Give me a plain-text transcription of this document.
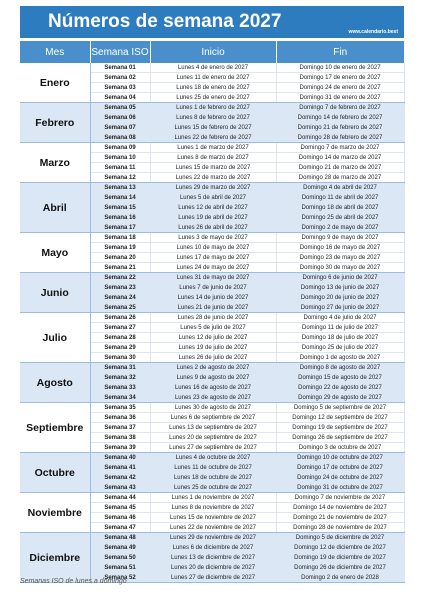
Números de semana 2027	www.calendario.best
Mes	Semana ISO	Inicio	Fin
Enero	Semana 01	Lunes 4 de enero de 2027	Domingo 10 de enero de 2027
	Semana 02	Lunes 11 de enero de 2027	Domingo 17 de enero de 2027
	Semana 03	Lunes 18 de enero de 2027	Domingo 24 de enero de 2027
	Semana 04	Lunes 25 de enero de 2027	Domingo 31 de enero de 2027
Febrero	Semana 05	Lunes 1 de febrero de 2027	Domingo 7 de febrero de 2027
	Semana 06	Lunes 8 de febrero de 2027	Domingo 14 de febrero de 2027
	Semana 07	Lunes 15 de febrero de 2027	Domingo 21 de febrero de 2027
	Semana 08	Lunes 22 de febrero de 2027	Domingo 28 de febrero de 2027
Marzo	Semana 09	Lunes 1 de marzo de 2027	Domingo 7 de marzo de 2027
	Semana 10	Lunes 8 de marzo de 2027	Domingo 14 de marzo de 2027
	Semana 11	Lunes 15 de marzo de 2027	Domingo 21 de marzo de 2027
	Semana 12	Lunes 22 de marzo de 2027	Domingo 28 de marzo de 2027
Abril	Semana 13	Lunes 29 de marzo de 2027	Domingo 4 de abril de 2027
	Semana 14	Lunes 5 de abril de 2027	Domingo 11 de abril de 2027
	Semana 15	Lunes 12 de abril de 2027	Domingo 18 de abril de 2027
	Semana 16	Lunes 19 de abril de 2027	Domingo 25 de abril de 2027
	Semana 17	Lunes 26 de abril de 2027	Domingo 2 de mayo de 2027
Mayo	Semana 18	Lunes 3 de mayo de 2027	Domingo 9 de mayo de 2027
	Semana 19	Lunes 10 de mayo de 2027	Domingo 16 de mayo de 2027
	Semana 20	Lunes 17 de mayo de 2027	Domingo 23 de mayo de 2027
	Semana 21	Lunes 24 de mayo de 2027	Domingo 30 de mayo de 2027
Junio	Semana 22	Lunes 31 de mayo de 2027	Domingo 6 de junio de 2027
	Semana 23	Lunes 7 de junio de 2027	Domingo 13 de junio de 2027
	Semana 24	Lunes 14 de junio de 2027	Domingo 20 de junio de 2027
	Semana 25	Lunes 21 de junio de 2027	Domingo 27 de junio de 2027
Julio	Semana 26	Lunes 28 de junio de 2027	Domingo 4 de julio de 2027
	Semana 27	Lunes 5 de julio de 2027	Domingo 11 de julio de 2027
	Semana 28	Lunes 12 de julio de 2027	Domingo 18 de julio de 2027
	Semana 29	Lunes 19 de julio de 2027	Domingo 25 de julio de 2027
	Semana 30	Lunes 26 de julio de 2027	Domingo 1 de agosto de 2027
Agosto	Semana 31	Lunes 2 de agosto de 2027	Domingo 8 de agosto de 2027
	Semana 32	Lunes 9 de agosto de 2027	Domingo 15 de agosto de 2027
	Semana 33	Lunes 16 de agosto de 2027	Domingo 22 de agosto de 2027
	Semana 34	Lunes 23 de agosto de 2027	Domingo 29 de agosto de 2027
Septiembre	Semana 35	Lunes 30 de agosto de 2027	Domingo 5 de septiembre de 2027
	Semana 36	Lunes 6 de septiembre de 2027	Domingo 12 de septiembre de 2027
	Semana 37	Lunes 13 de septiembre de 2027	Domingo 19 de septiembre de 2027
	Semana 38	Lunes 20 de septiembre de 2027	Domingo 26 de septiembre de 2027
	Semana 39	Lunes 27 de septiembre de 2027	Domingo 3 de octubre de 2027
Octubre	Semana 40	Lunes 4 de octubre de 2027	Domingo 10 de octubre de 2027
	Semana 41	Lunes 11 de octubre de 2027	Domingo 17 de octubre de 2027
	Semana 42	Lunes 18 de octubre de 2027	Domingo 24 de octubre de 2027
	Semana 43	Lunes 25 de octubre de 2027	Domingo 31 de octubre de 2027
Noviembre	Semana 44	Lunes 1 de noviembre de 2027	Domingo 7 de noviembre de 2027
	Semana 45	Lunes 8 de noviembre de 2027	Domingo 14 de noviembre de 2027
	Semana 46	Lunes 15 de noviembre de 2027	Domingo 21 de noviembre de 2027
	Semana 47	Lunes 22 de noviembre de 2027	Domingo 28 de noviembre de 2027
Diciembre	Semana 48	Lunes 29 de noviembre de 2027	Domingo 5 de diciembre de 2027
	Semana 49	Lunes 6 de diciembre de 2027	Domingo 12 de diciembre de 2027
	Semana 50	Lunes 13 de diciembre de 2027	Domingo 19 de diciembre de 2027
	Semana 51	Lunes 20 de diciembre de 2027	Domingo 26 de diciembre de 2027
	Semana 52	Lunes 27 de diciembre de 2027	Domingo 2 de enero de 2028
Semanas ISO de lunes a domingo
